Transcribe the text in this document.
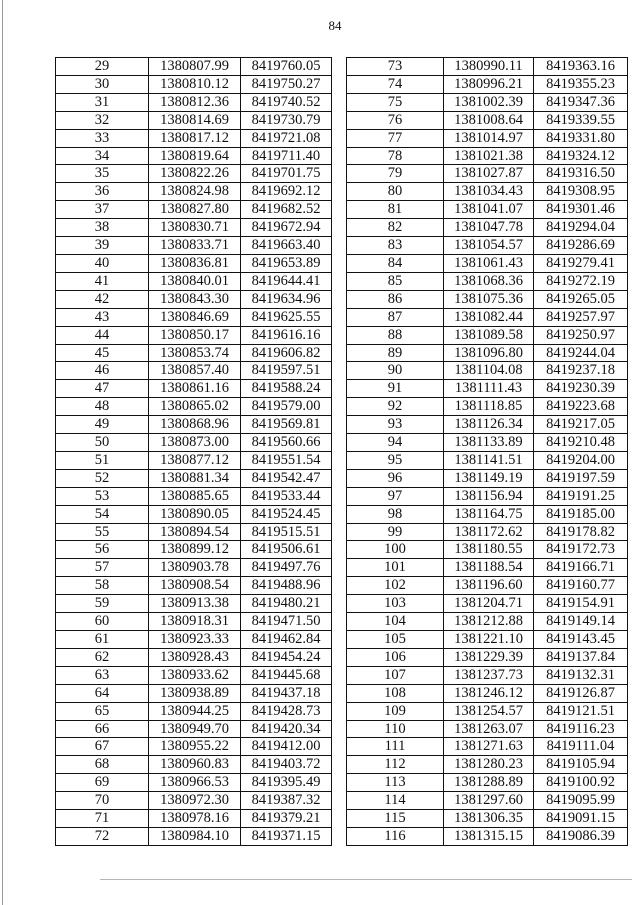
84
29	1380807.99	8419760.05
30	1380810.12	8419750.27
31	1380812.36	8419740.52
32	1380814.69	8419730.79
33	1380817.12	8419721.08
34	1380819.64	8419711.40
35	1380822.26	8419701.75
36	1380824.98	8419692.12
37	1380827.80	8419682.52
38	1380830.71	8419672.94
39	1380833.71	8419663.40
40	1380836.81	8419653.89
41	1380840.01	8419644.41
42	1380843.30	8419634.96
43	1380846.69	8419625.55
44	1380850.17	8419616.16
45	1380853.74	8419606.82
46	1380857.40	8419597.51
47	1380861.16	8419588.24
48	1380865.02	8419579.00
49	1380868.96	8419569.81
50	1380873.00	8419560.66
51	1380877.12	8419551.54
52	1380881.34	8419542.47
53	1380885.65	8419533.44
54	1380890.05	8419524.45
55	1380894.54	8419515.51
56	1380899.12	8419506.61
57	1380903.78	8419497.76
58	1380908.54	8419488.96
59	1380913.38	8419480.21
60	1380918.31	8419471.50
61	1380923.33	8419462.84
62	1380928.43	8419454.24
63	1380933.62	8419445.68
64	1380938.89	8419437.18
65	1380944.25	8419428.73
66	1380949.70	8419420.34
67	1380955.22	8419412.00
68	1380960.83	8419403.72
69	1380966.53	8419395.49
70	1380972.30	8419387.32
71	1380978.16	8419379.21
72	1380984.10	8419371.15
73	1380990.11	8419363.16
74	1380996.21	8419355.23
75	1381002.39	8419347.36
76	1381008.64	8419339.55
77	1381014.97	8419331.80
78	1381021.38	8419324.12
79	1381027.87	8419316.50
80	1381034.43	8419308.95
81	1381041.07	8419301.46
82	1381047.78	8419294.04
83	1381054.57	8419286.69
84	1381061.43	8419279.41
85	1381068.36	8419272.19
86	1381075.36	8419265.05
87	1381082.44	8419257.97
88	1381089.58	8419250.97
89	1381096.80	8419244.04
90	1381104.08	8419237.18
91	1381111.43	8419230.39
92	1381118.85	8419223.68
93	1381126.34	8419217.05
94	1381133.89	8419210.48
95	1381141.51	8419204.00
96	1381149.19	8419197.59
97	1381156.94	8419191.25
98	1381164.75	8419185.00
99	1381172.62	8419178.82
100	1381180.55	8419172.73
101	1381188.54	8419166.71
102	1381196.60	8419160.77
103	1381204.71	8419154.91
104	1381212.88	8419149.14
105	1381221.10	8419143.45
106	1381229.39	8419137.84
107	1381237.73	8419132.31
108	1381246.12	8419126.87
109	1381254.57	8419121.51
110	1381263.07	8419116.23
111	1381271.63	8419111.04
112	1381280.23	8419105.94
113	1381288.89	8419100.92
114	1381297.60	8419095.99
115	1381306.35	8419091.15
116	1381315.15	8419086.39
